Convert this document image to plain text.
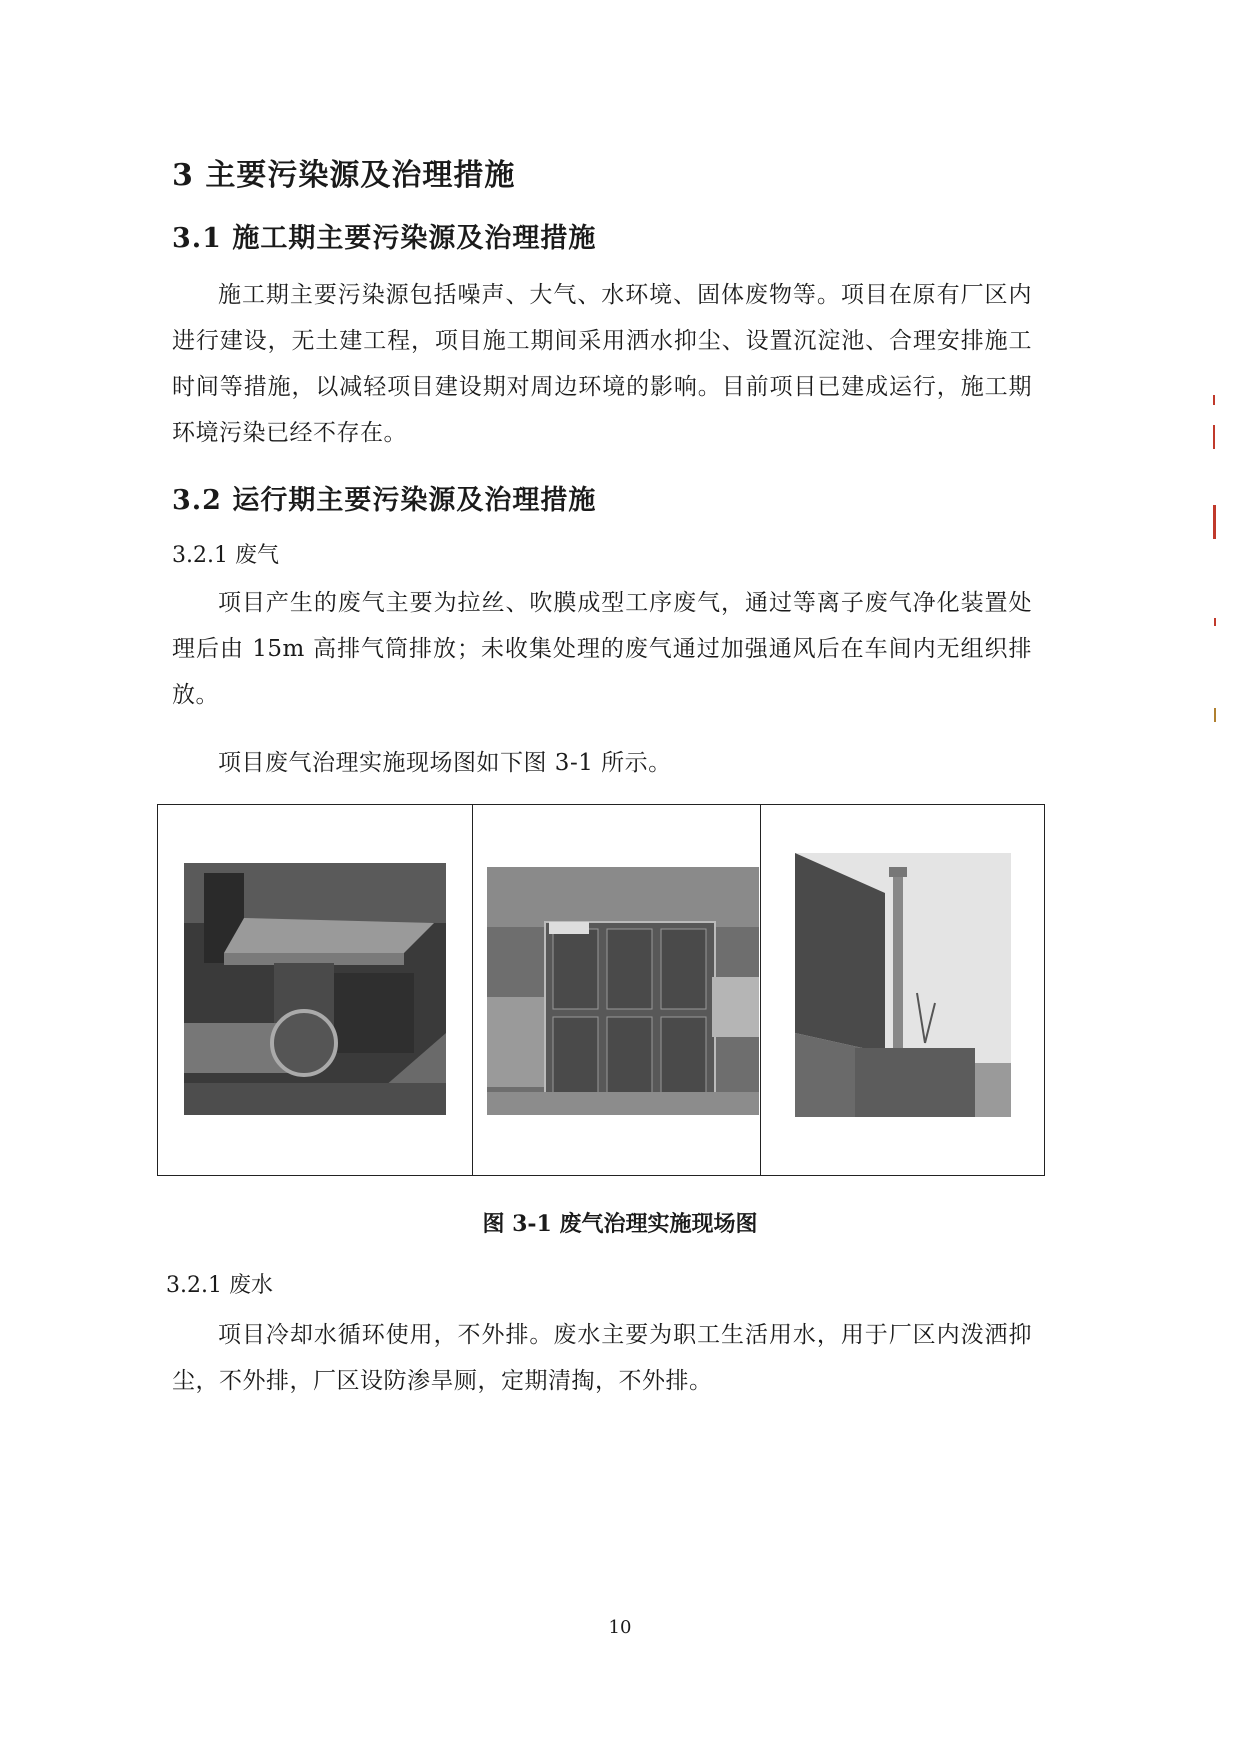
3 主要污染源及治理措施
3.1 施工期主要污染源及治理措施
施工期主要污染源包括噪声、大气、水环境、固体废物等。项目在原有厂区内进行建设，无土建工程，项目施工期间采用洒水抑尘、设置沉淀池、合理安排施工时间等措施，以减轻项目建设期对周边环境的影响。目前项目已建成运行，施工期环境污染已经不存在。
3.2 运行期主要污染源及治理措施
3.2.1 废气
项目产生的废气主要为拉丝、吹膜成型工序废气，通过等离子废气净化装置处理后由 15m 高排气筒排放；未收集处理的废气通过加强通风后在车间内无组织排放。
项目废气治理实施现场图如下图 3-1 所示。
图 3-1 废气治理实施现场图
3.2.1 废水
项目冷却水循环使用，不外排。废水主要为职工生活用水，用于厂区内泼洒抑尘，不外排，厂区设防渗旱厕，定期清掏，不外排。
10
